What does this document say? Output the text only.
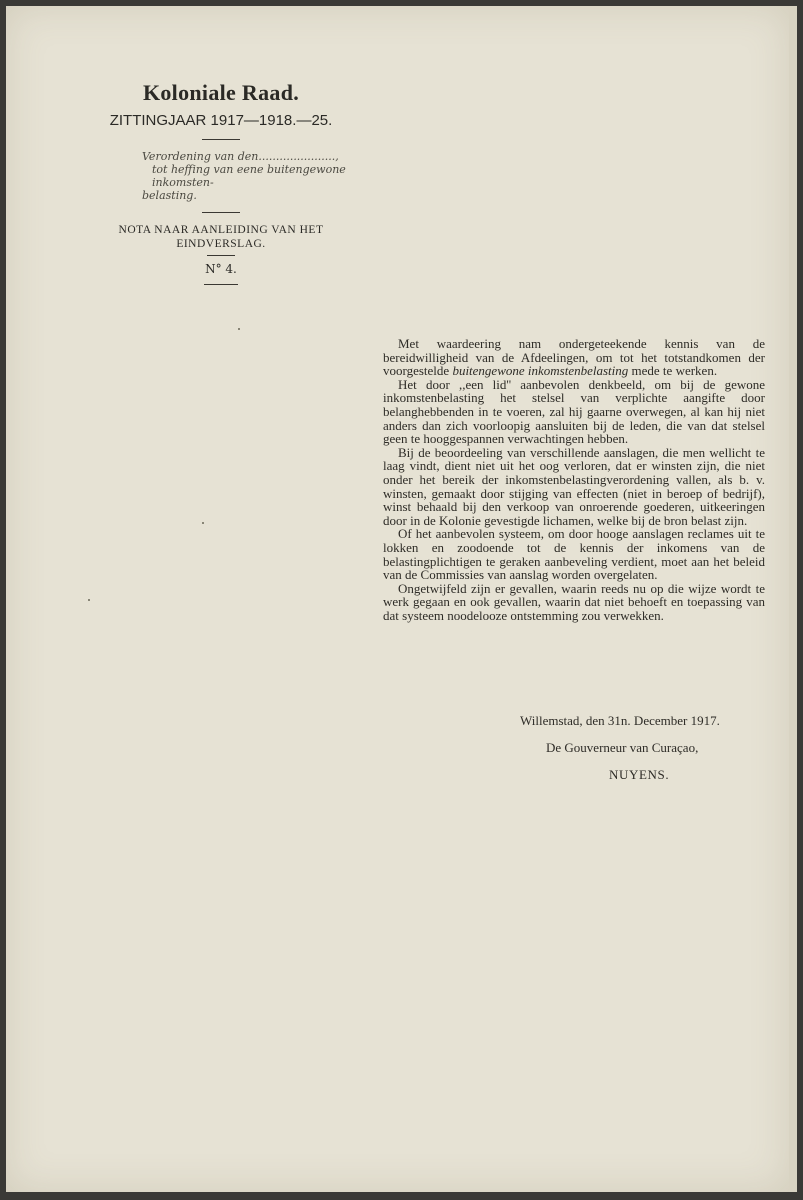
Koloniale Raad.
ZITTINGJAAR 1917—1918.—25.
Verordening van den......................,
tot heffing van eene buitengewone inkomsten-
belasting.
NOTA NAAR AANLEIDING VAN HET
EINDVERSLAG.
N° 4.

Met waardeering nam ondergeteekende kennis van de bereidwilligheid van de Afdeelingen, om tot het totstandkomen der voorgestelde buitengewone inkomstenbelasting mede te werken.

Het door ,,een lid'' aanbevolen denkbeeld, om bij de gewone inkomstenbelasting het stelsel van verplichte aangifte door belanghebbenden in te voeren, zal hij gaarne overwegen, al kan hij niet anders dan zich voorloopig aansluiten bij de leden, die van dat stelsel geen te hooggespannen verwachtingen hebben.

Bij de beoordeeling van verschillende aanslagen, die men wellicht te laag vindt, dient niet uit het oog verloren, dat er winsten zijn, die niet onder het bereik der inkomstenbelastingverordening vallen, als b. v. winsten, gemaakt door stijging van effecten (niet in beroep of bedrijf), winst behaald bij den verkoop van onroerende goederen, uitkeeringen door in de Kolonie gevestigde lichamen, welke bij de bron belast zijn.

Of het aanbevolen systeem, om door hooge aanslagen reclames uit te lokken en zoodoende tot de kennis der inkomens van de belastingplichtigen te geraken aanbeveling verdient, moet aan het beleid van de Commissies van aanslag worden overgelaten.

Ongetwijfeld zijn er gevallen, waarin reeds nu op die wijze wordt te werk gegaan en ook gevallen, waarin dat niet behoeft en toepassing van dat systeem noodelooze ontstemming zou verwekken.

Willemstad, den 31n. December 1917.
De Gouverneur van Curaçao,
NUYENS.
